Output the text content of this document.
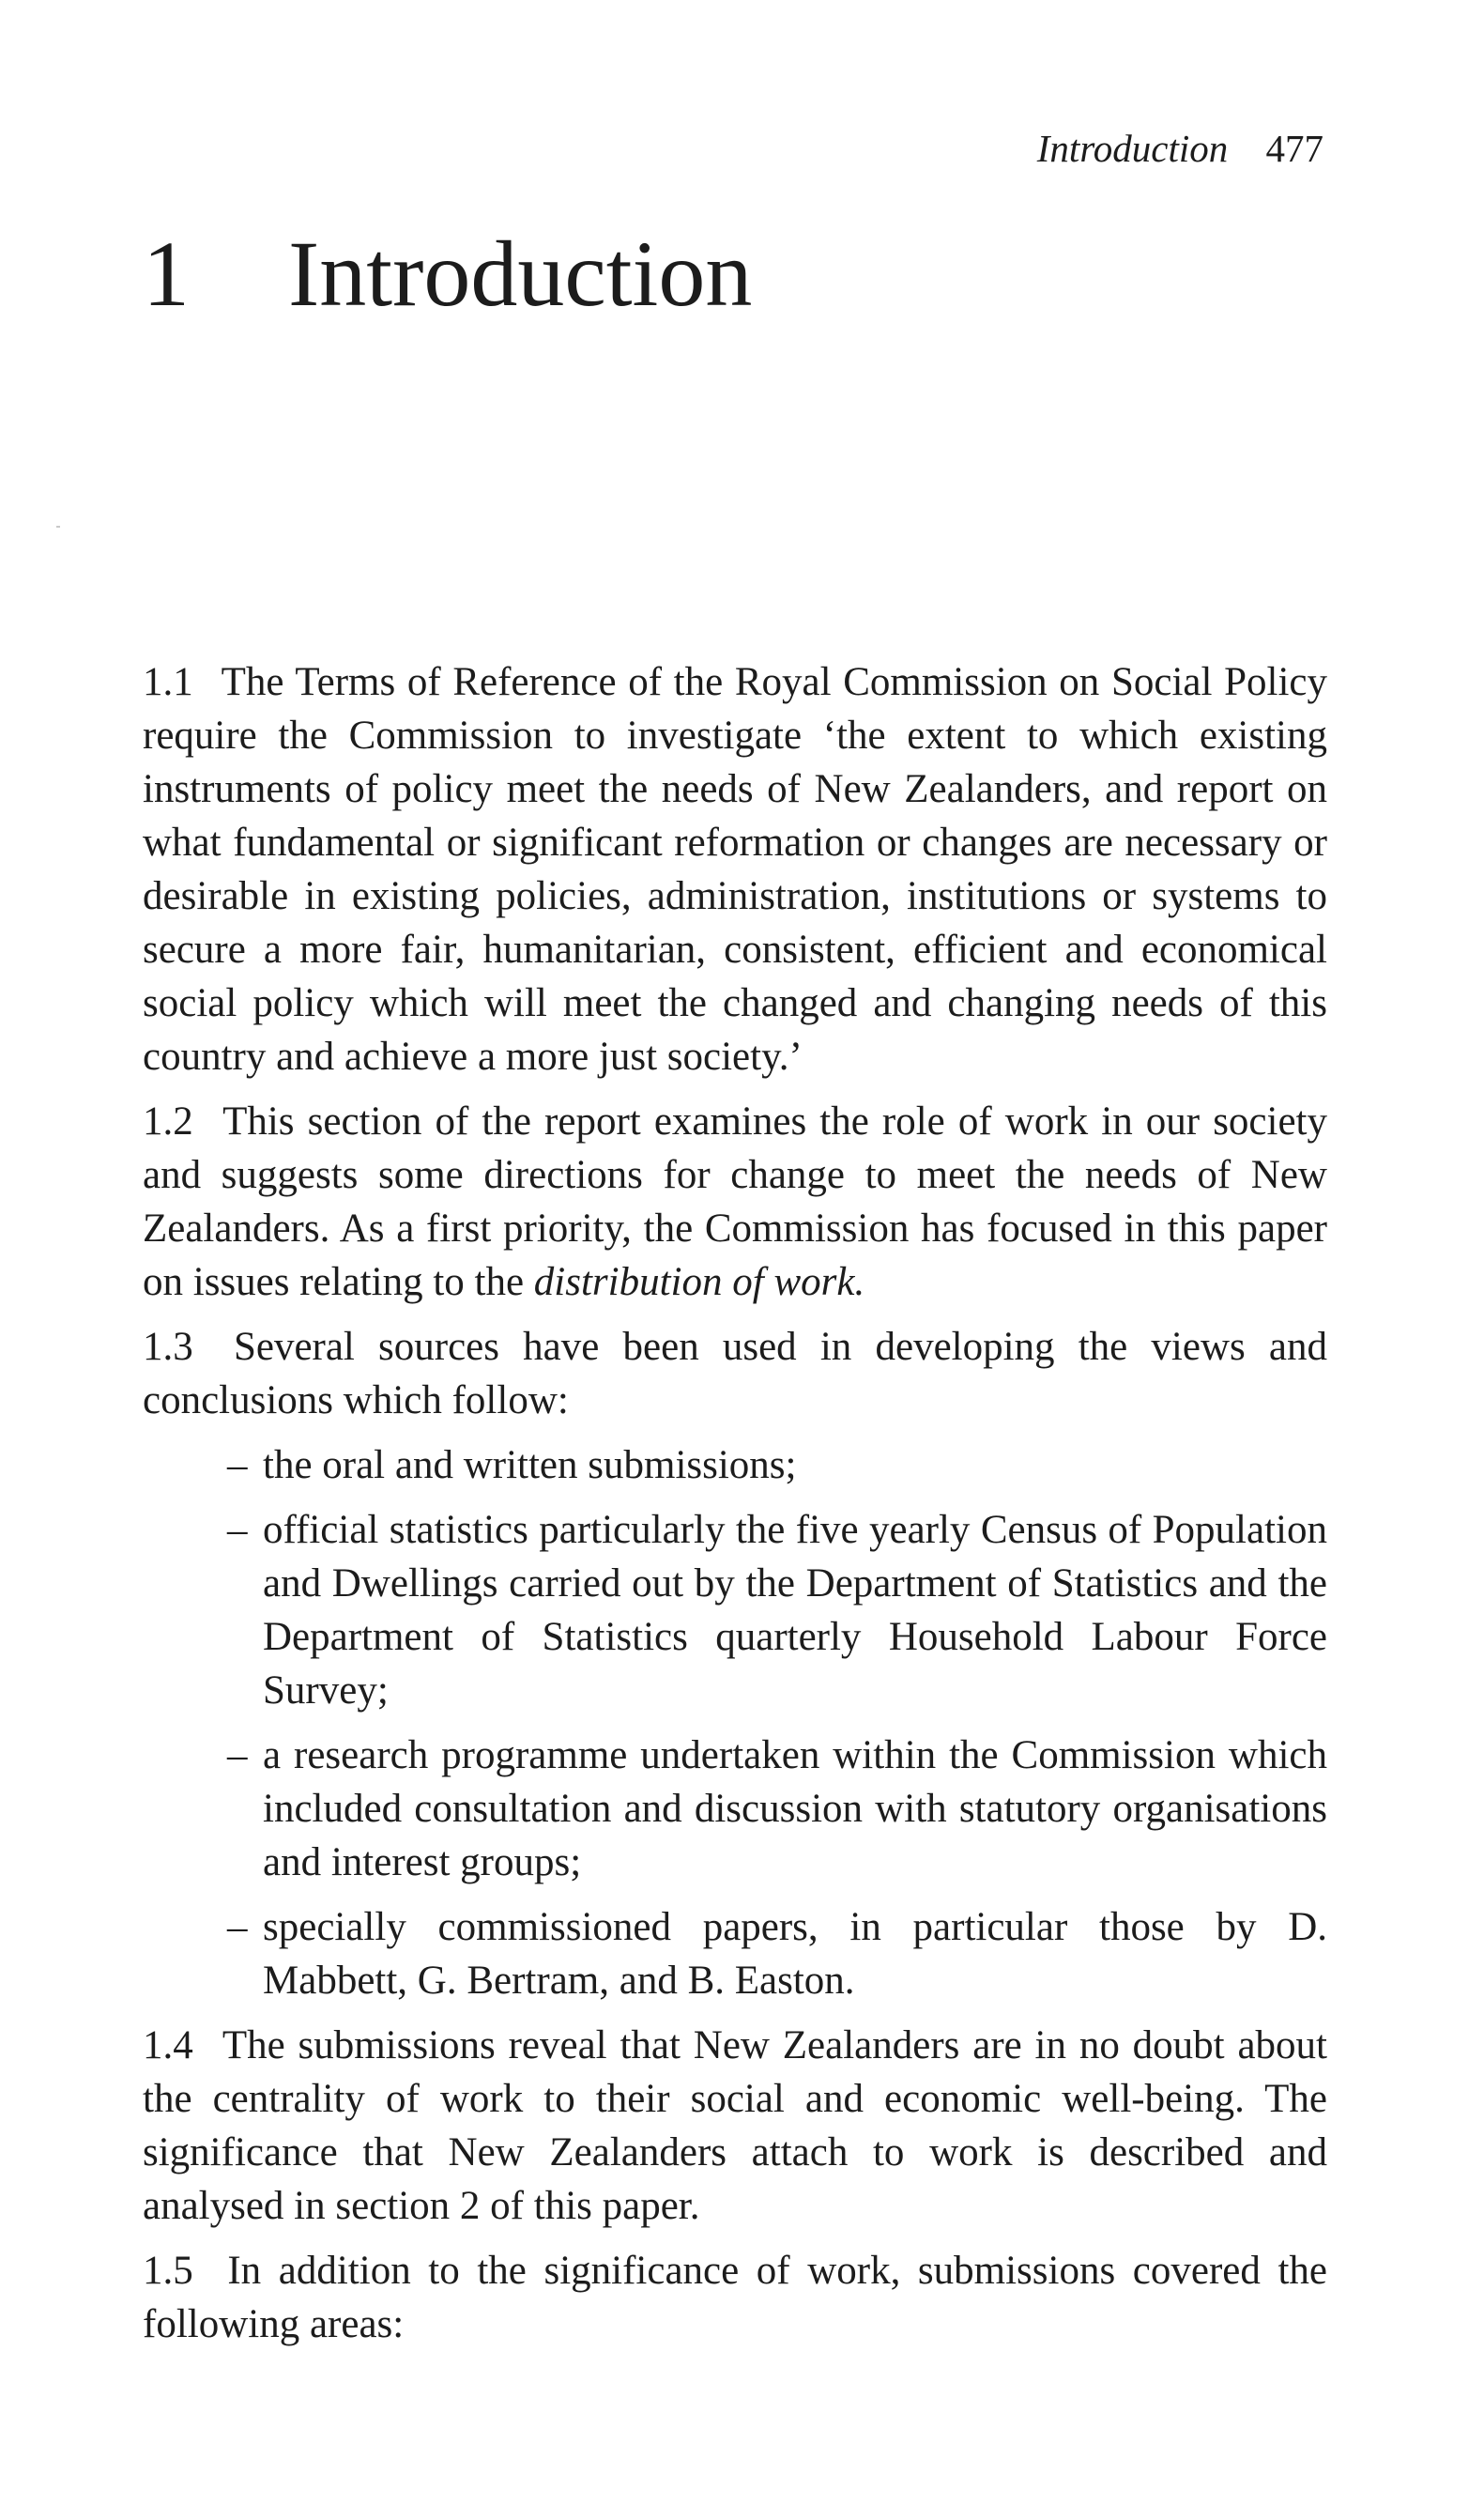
Introduction 477
1 Introduction

1.1 The Terms of Reference of the Royal Commission on Social Policy require the Commission to investigate ‘the extent to which existing instruments of policy meet the needs of New Zealanders, and report on what fundamental or significant reformation or changes are necessary or desirable in existing policies, administration, institutions or systems to secure a more fair, humanitarian, consistent, efficient and economical social policy which will meet the changed and changing needs of this country and achieve a more just society.’

1.2 This section of the report examines the role of work in our society and suggests some directions for change to meet the needs of New Zealanders. As a first priority, the Commission has focused in this paper on issues relating to the distribution of work.

1.3 Several sources have been used in developing the views and conclusions which follow:

– the oral and written submissions;
– official statistics particularly the five yearly Census of Population and Dwellings carried out by the Department of Statistics and the Department of Statistics quarterly Household Labour Force Survey;
– a research programme undertaken within the Commission which included consultation and discussion with statutory organisations and interest groups;
– specially commissioned papers, in particular those by D. Mabbett, G. Bertram, and B. Easton.

1.4 The submissions reveal that New Zealanders are in no doubt about the centrality of work to their social and economic well-being. The significance that New Zealanders attach to work is described and analysed in section 2 of this paper.

1.5 In addition to the significance of work, submissions covered the following areas:
